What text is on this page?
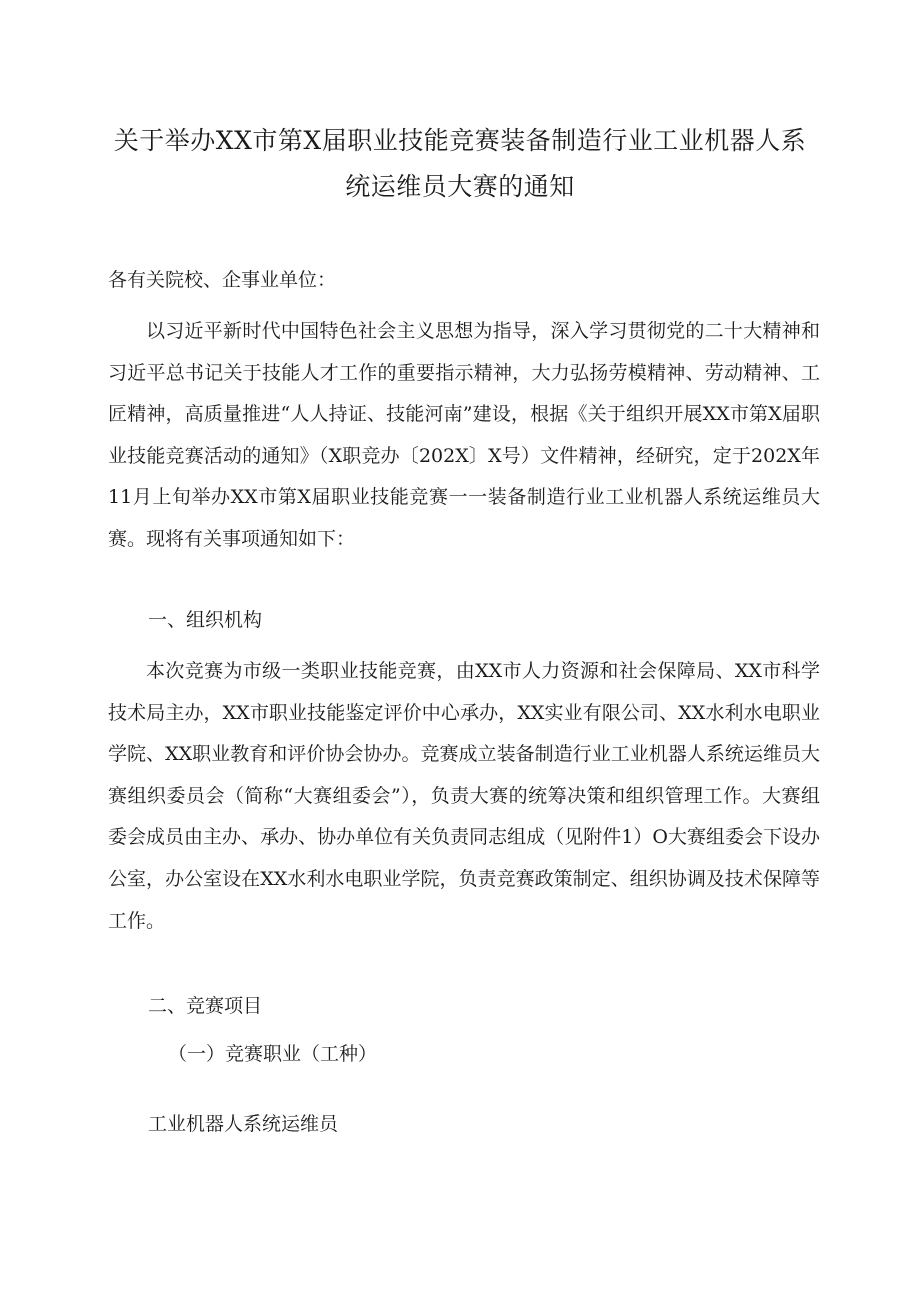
关于举办XX市第X届职业技能竞赛装备制造行业工业机器人系
统运维员大赛的通知

各有关院校、企事业单位：

以习近平新时代中国特色社会主义思想为指导，深入学习贯彻党的二十大精神和习近平总书记关于技能人才工作的重要指示精神，大力弘扬劳模精神、劳动精神、工匠精神，高质量推进“人人持证、技能河南”建设，根据《关于组织开展XX市第X届职业技能竞赛活动的通知》（X职竞办〔202X〕X号）文件精神，经研究，定于202X年11月上旬举办XX市第X届职业技能竞赛一一装备制造行业工业机器人系统运维员大赛。现将有关事项通知如下：

一、组织机构

本次竞赛为市级一类职业技能竞赛，由XX市人力资源和社会保障局、XX市科学技术局主办，XX市职业技能鉴定评价中心承办，XX实业有限公司、XX水利水电职业学院、XX职业教育和评价协会协办。竞赛成立装备制造行业工业机器人系统运维员大赛组织委员会（简称“大赛组委会”），负责大赛的统筹决策和组织管理工作。大赛组委会成员由主办、承办、协办单位有关负责同志组成（见附件1）O大赛组委会下设办公室，办公室设在XX水利水电职业学院，负责竞赛政策制定、组织协调及技术保障等工作。

二、竞赛项目

（一）竞赛职业（工种）

工业机器人系统运维员
